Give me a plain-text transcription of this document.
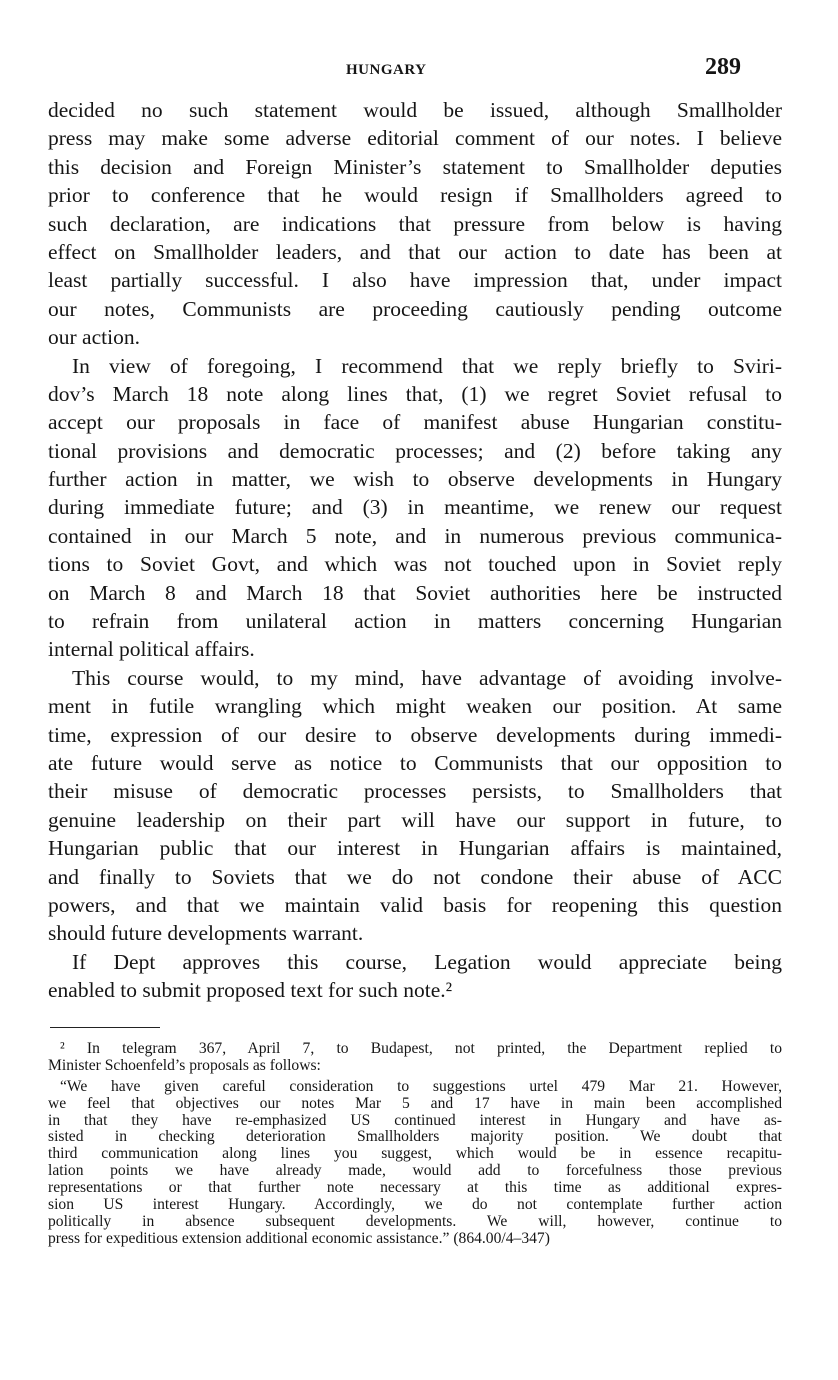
HUNGARY	289
decided no such statement would be issued, although Smallholder
press may make some adverse editorial comment of our notes. I believe
this decision and Foreign Minister’s statement to Smallholder deputies
prior to conference that he would resign if Smallholders agreed to
such declaration, are indications that pressure from below is having
effect on Smallholder leaders, and that our action to date has been at
least partially successful. I also have impression that, under impact
our notes, Communists are proceeding cautiously pending outcome
our action.
In view of foregoing, I recommend that we reply briefly to Sviri-
dov’s March 18 note along lines that, (1) we regret Soviet refusal to
accept our proposals in face of manifest abuse Hungarian constitu-
tional provisions and democratic processes; and (2) before taking any
further action in matter, we wish to observe developments in Hungary
during immediate future; and (3) in meantime, we renew our request
contained in our March 5 note, and in numerous previous communica-
tions to Soviet Govt, and which was not touched upon in Soviet reply
on March 8 and March 18 that Soviet authorities here be instructed
to refrain from unilateral action in matters concerning Hungarian
internal political affairs.
This course would, to my mind, have advantage of avoiding involve-
ment in futile wrangling which might weaken our position. At same
time, expression of our desire to observe developments during immedi-
ate future would serve as notice to Communists that our opposition to
their misuse of democratic processes persists, to Smallholders that
genuine leadership on their part will have our support in future, to
Hungarian public that our interest in Hungarian affairs is maintained,
and finally to Soviets that we do not condone their abuse of ACC
powers, and that we maintain valid basis for reopening this question
should future developments warrant.
If Dept approves this course, Legation would appreciate being
enabled to submit proposed text for such note.²
² In telegram 367, April 7, to Budapest, not printed, the Department replied to
Minister Schoenfeld’s proposals as follows:
“We have given careful consideration to suggestions urtel 479 Mar 21. However,
we feel that objectives our notes Mar 5 and 17 have in main been accomplished
in that they have re-emphasized US continued interest in Hungary and have as-
sisted in checking deterioration Smallholders majority position. We doubt that
third communication along lines you suggest, which would be in essence recapitu-
lation points we have already made, would add to forcefulness those previous
representations or that further note necessary at this time as additional expres-
sion US interest Hungary. Accordingly, we do not contemplate further action
politically in absence subsequent developments. We will, however, continue to
press for expeditious extension additional economic assistance.” (864.00/4–347)
